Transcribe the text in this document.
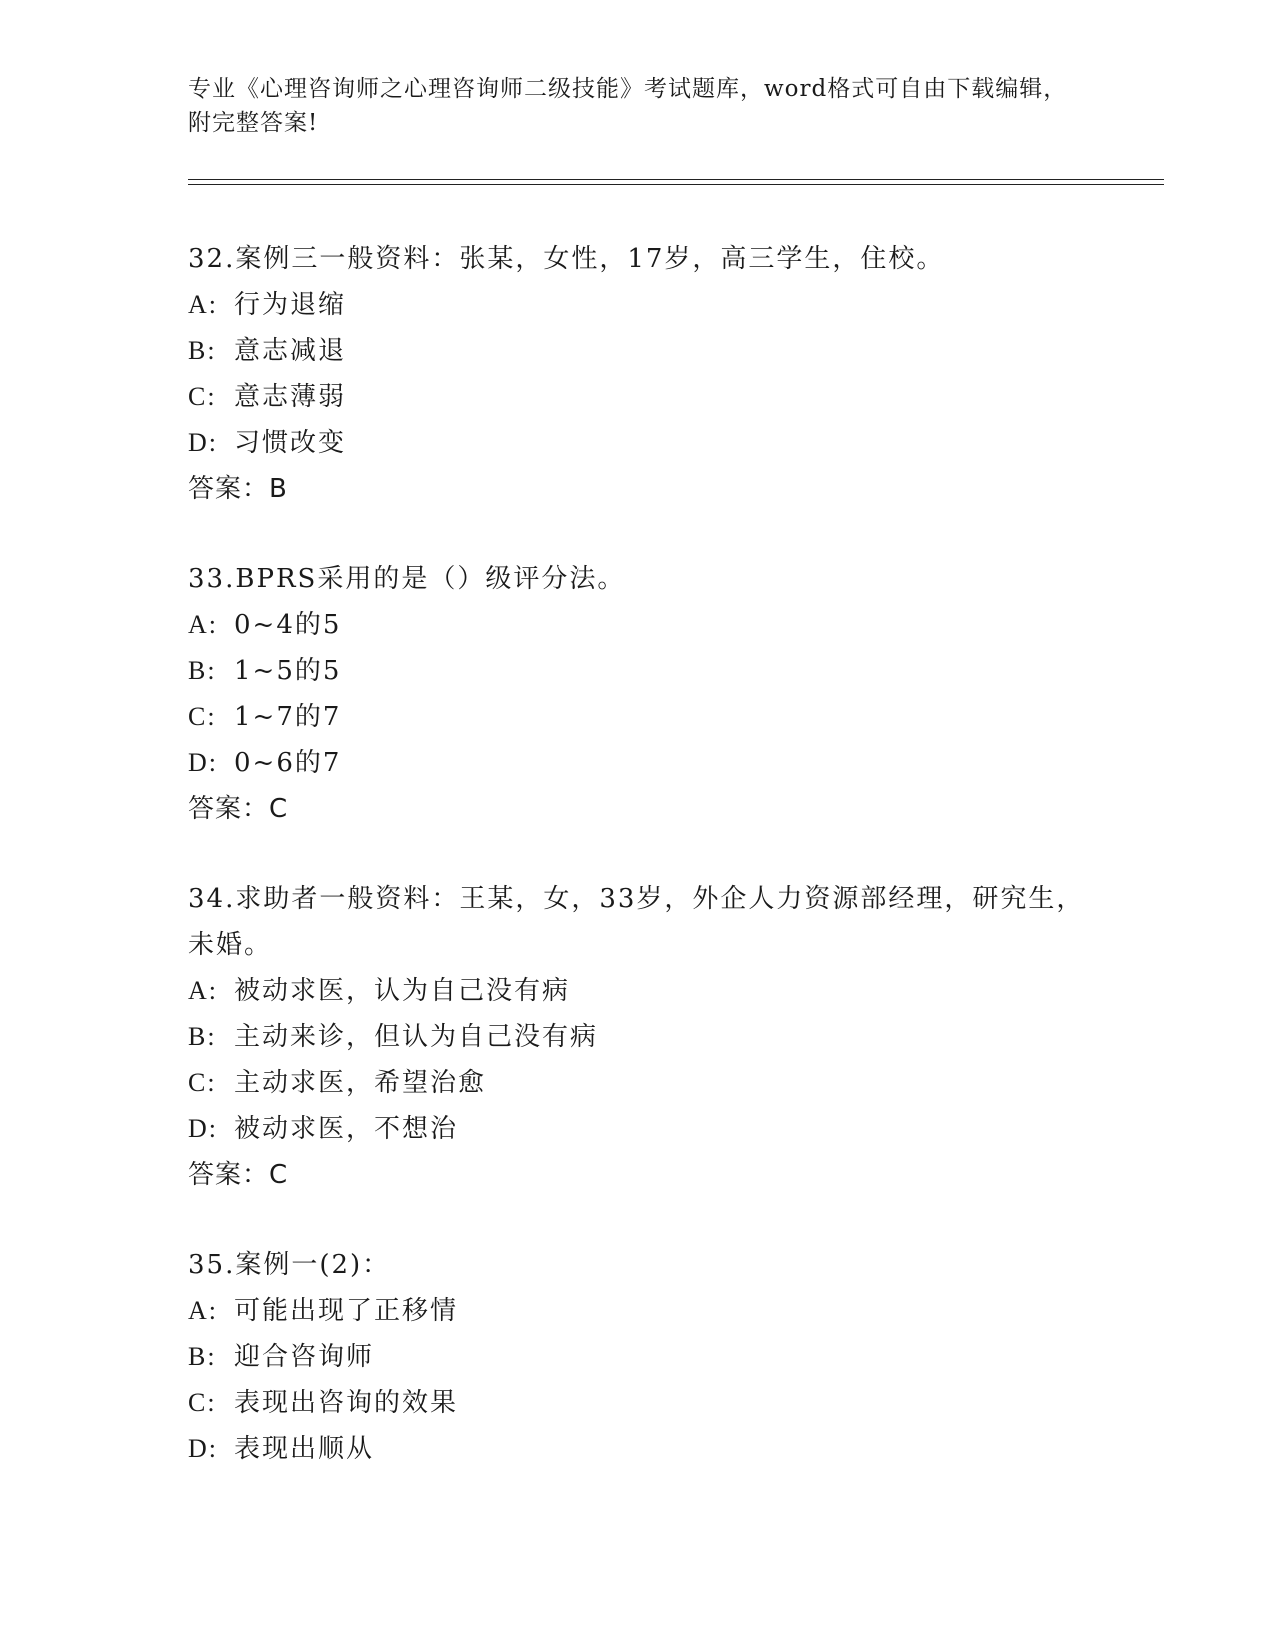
专业《心理咨询师之心理咨询师二级技能》考试题库，word格式可自由下载编辑，附完整答案!
32.案例三一般资料：张某，女性，17岁，高三学生，住校。
A: 行为退缩
B: 意志减退
C: 意志薄弱
D: 习惯改变
答案：B
33.BPRS采用的是（）级评分法。
A: 0~4的5
B: 1~5的5
C: 1~7的7
D: 0~6的7
答案：C
34.求助者一般资料：王某，女，33岁，外企人力资源部经理，研究生，未婚。
A: 被动求医，认为自己没有病
B: 主动来诊，但认为自己没有病
C: 主动求医，希望治愈
D: 被动求医，不想治
答案：C
35.案例一(2)：
A: 可能出现了正移情
B: 迎合咨询师
C: 表现出咨询的效果
D: 表现出顺从
